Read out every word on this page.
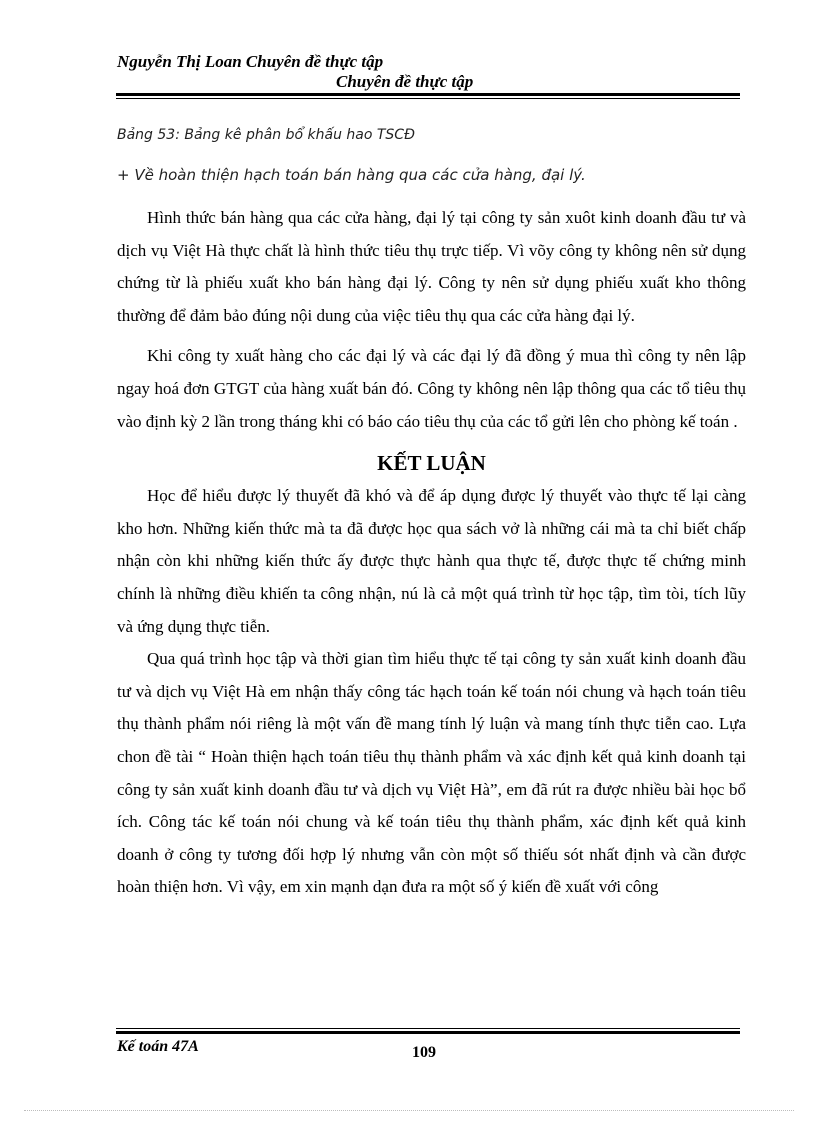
Nguyễn Thị Loan Chuyên đề thực tập
Chuyên đề thực tập
Bảng 53: Bảng kê phân bổ khấu hao TSCĐ
+ Về hoàn thiện hạch toán bán hàng qua các cửa hàng, đại lý.

Hình thức bán hàng qua các cửa hàng, đại lý tại công ty sản xuôt kinh doanh đầu tư và dịch vụ Việt Hà thực chất là hình thức tiêu thụ trực tiếp. Vì võy công ty không nên sử dụng chứng từ là phiếu xuất kho bán hàng đại lý. Công ty nên sử dụng phiếu xuất kho thông thường để đảm bảo đúng nội dung của việc tiêu thụ qua các cửa hàng đại lý.

Khi công ty xuất hàng cho các đại lý và các đại lý đã đồng ý mua thì công ty nên lập ngay hoá đơn GTGT của hàng xuất bán đó. Công ty không nên lập thông qua các tổ tiêu thụ vào định kỳ 2 lần trong tháng khi có báo cáo tiêu thụ của các tổ gửi lên cho phòng kế toán .

KẾT LUẬN

Học để hiểu được lý thuyết đã khó và để áp dụng được lý thuyết vào thực tế lại càng kho hơn. Những kiến thức mà ta đã được học qua sách vở là những cái mà ta chỉ biết chấp nhận còn khi những kiến thức ấy được thực hành qua thực tế, được thực tế chứng minh chính là những điều khiến ta công nhận, nú là cả một quá trình từ học tập, tìm tòi, tích lũy và ứng dụng thực tiễn.

Qua quá trình học tập và thời gian tìm hiểu thực tế tại công ty sản xuất kinh doanh đầu tư và dịch vụ Việt Hà em nhận thấy công tác hạch toán kế toán nói chung và hạch toán tiêu thụ thành phẩm nói riêng là một vấn đề mang tính lý luận và mang tính thực tiễn cao. Lựa chon đề tài “ Hoàn thiện hạch toán tiêu thụ thành phẩm và xác định kết quả kinh doanh tại công ty sản xuất kinh doanh đầu tư và dịch vụ Việt Hà”, em đã rút ra được nhiều bài học bổ ích. Công tác kế toán nói chung và kế toán tiêu thụ thành phẩm, xác định kết quả kinh doanh ở công ty tương đối hợp lý nhưng vẫn còn một số thiếu sót nhất định và cần được hoàn thiện hơn. Vì vậy, em xin mạnh dạn đưa ra một số ý kiến đề xuất với công

Kế toán 47A	109
